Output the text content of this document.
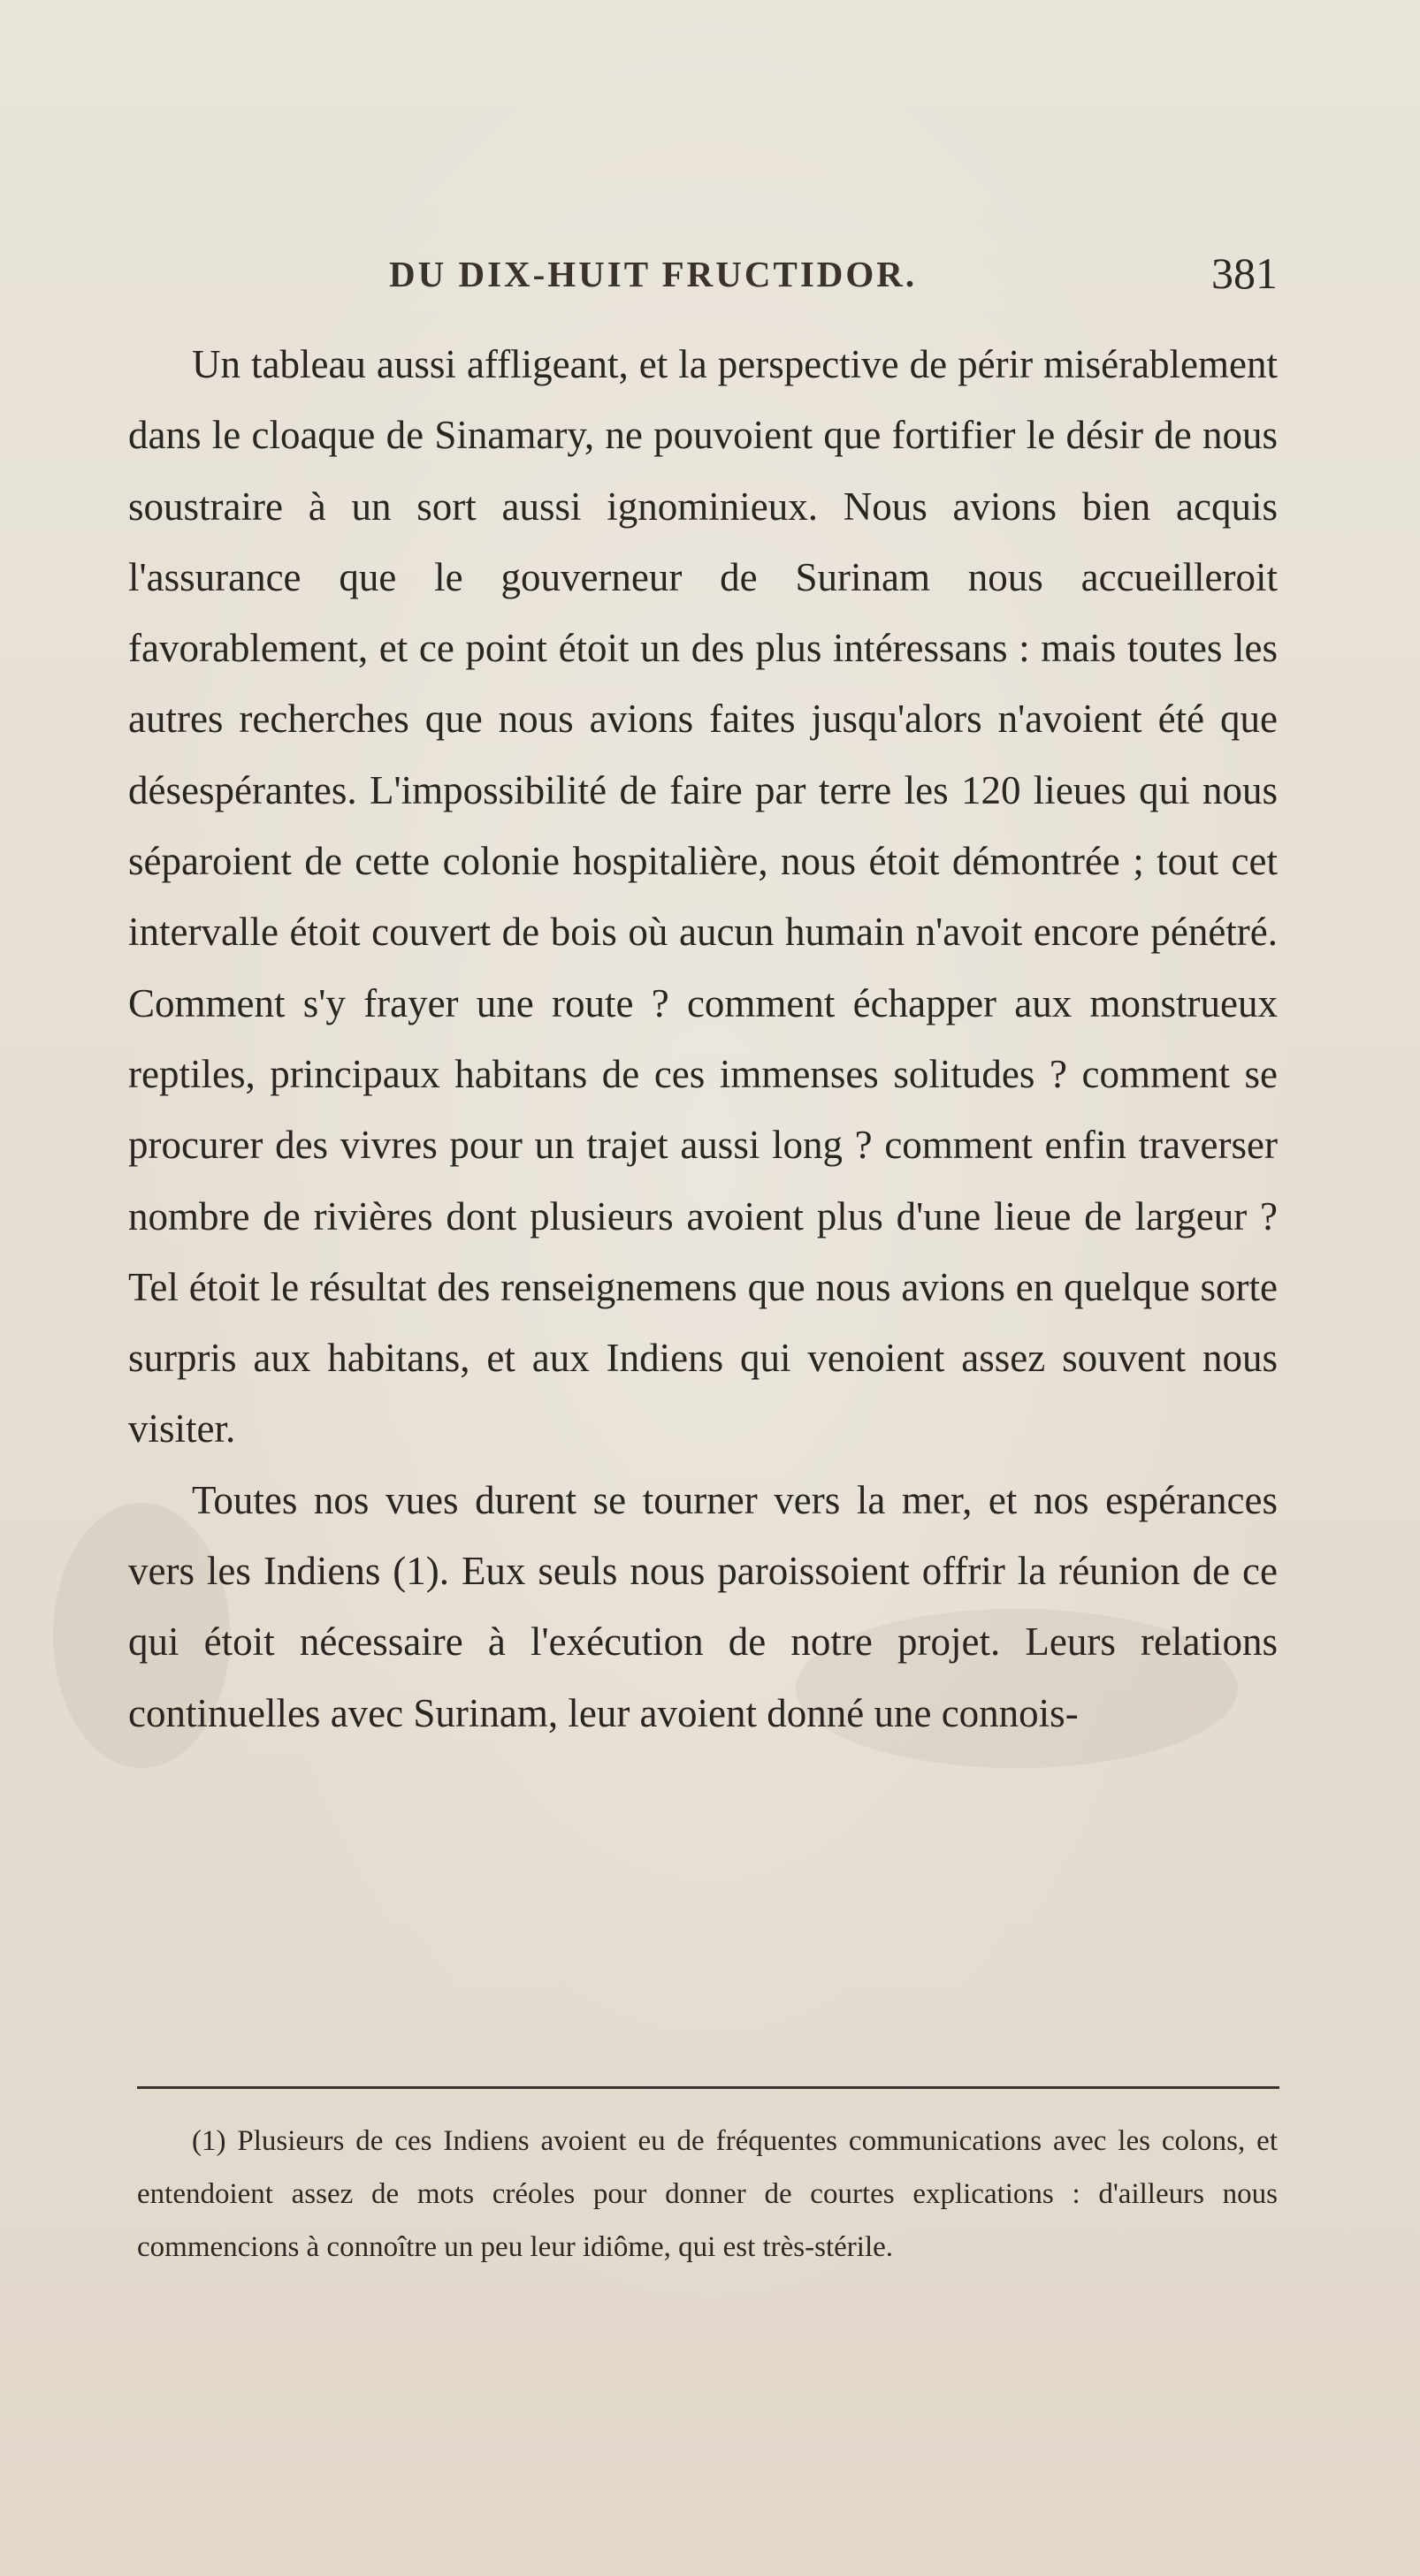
DU DIX-HUIT FRUCTIDOR.	381

Un tableau aussi affligeant, et la perspective de périr misérablement dans le cloaque de Sinamary, ne pouvoient que fortifier le désir de nous soustraire à un sort aussi ignominieux. Nous avions bien acquis l'assurance que le gouverneur de Surinam nous accueilleroit favorablement, et ce point étoit un des plus intéressans : mais toutes les autres recherches que nous avions faites jusqu'alors n'avoient été que désespérantes. L'impossibilité de faire par terre les 120 lieues qui nous séparoient de cette colonie hospitalière, nous étoit démontrée ; tout cet intervalle étoit couvert de bois où aucun humain n'avoit encore pénétré. Comment s'y frayer une route ? comment échapper aux monstrueux reptiles, principaux habitans de ces immenses solitudes ? comment se procurer des vivres pour un trajet aussi long ? comment enfin traverser nombre de rivières dont plusieurs avoient plus d'une lieue de largeur ? Tel étoit le résultat des renseignemens que nous avions en quelque sorte surpris aux habitans, et aux Indiens qui venoient assez souvent nous visiter.

Toutes nos vues durent se tourner vers la mer, et nos espérances vers les Indiens (1). Eux seuls nous paroissoient offrir la réunion de ce qui étoit nécessaire à l'exécution de notre projet. Leurs relations continuelles avec Surinam, leur avoient donné une connois-

(1) Plusieurs de ces Indiens avoient eu de fréquentes communications avec les colons, et entendoient assez de mots créoles pour donner de courtes explications : d'ailleurs nous commencions à connoître un peu leur idiôme, qui est très-stérile.
